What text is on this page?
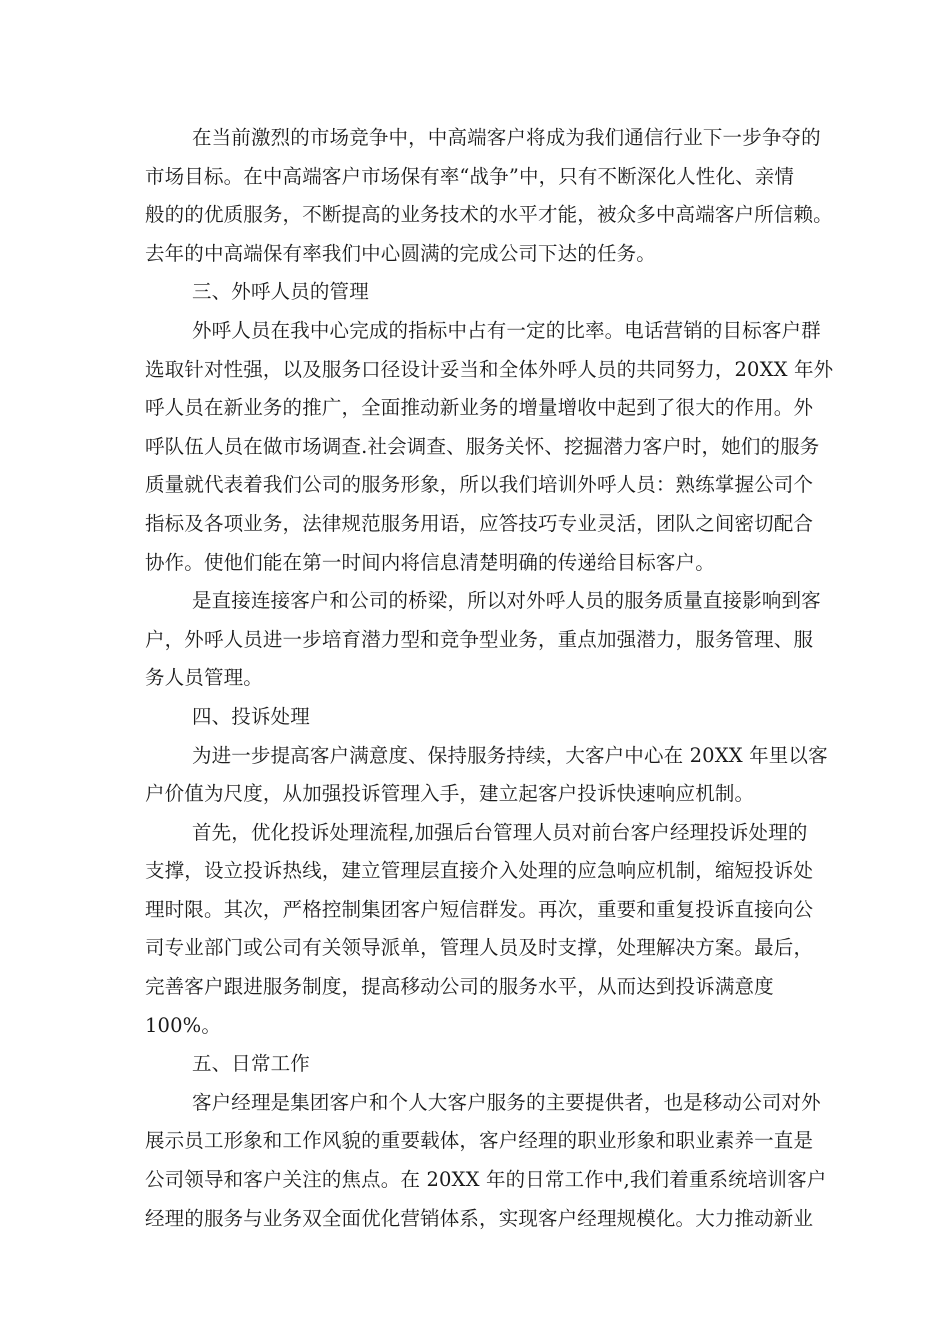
在当前激烈的市场竞争中，中高端客户将成为我们通信行业下一步争夺的
市场目标。在中高端客户市场保有率“战争”中，只有不断深化人性化、亲情
般的的优质服务，不断提高的业务技术的水平才能，被众多中高端客户所信赖。
去年的中高端保有率我们中心圆满的完成公司下达的任务。
三、外呼人员的管理
外呼人员在我中心完成的指标中占有一定的比率。电话营销的目标客户群
选取针对性强，以及服务口径设计妥当和全体外呼人员的共同努力，20XX 年外
呼人员在新业务的推广，全面推动新业务的增量增收中起到了很大的作用。外
呼队伍人员在做市场调查.社会调查、服务关怀、挖掘潜力客户时，她们的服务
质量就代表着我们公司的服务形象，所以我们培训外呼人员：熟练掌握公司个
指标及各项业务，法律规范服务用语，应答技巧专业灵活，团队之间密切配合
协作。使他们能在第一时间内将信息清楚明确的传递给目标客户。
是直接连接客户和公司的桥梁，所以对外呼人员的服务质量直接影响到客
户，外呼人员进一步培育潜力型和竞争型业务，重点加强潜力，服务管理、服
务人员管理。
四、投诉处理
为进一步提高客户满意度、保持服务持续，大客户中心在 20XX 年里以客
户价值为尺度，从加强投诉管理入手，建立起客户投诉快速响应机制。
首先，优化投诉处理流程,加强后台管理人员对前台客户经理投诉处理的
支撑，设立投诉热线，建立管理层直接介入处理的应急响应机制，缩短投诉处
理时限。其次，严格控制集团客户短信群发。再次，重要和重复投诉直接向公
司专业部门或公司有关领导派单，管理人员及时支撑，处理解决方案。最后，
完善客户跟进服务制度，提高移动公司的服务水平，从而达到投诉满意度
100%。
五、日常工作
客户经理是集团客户和个人大客户服务的主要提供者，也是移动公司对外
展示员工形象和工作风貌的重要载体，客户经理的职业形象和职业素养一直是
公司领导和客户关注的焦点。在 20XX 年的日常工作中,我们着重系统培训客户
经理的服务与业务双全面优化营销体系，实现客户经理规模化。大力推动新业
